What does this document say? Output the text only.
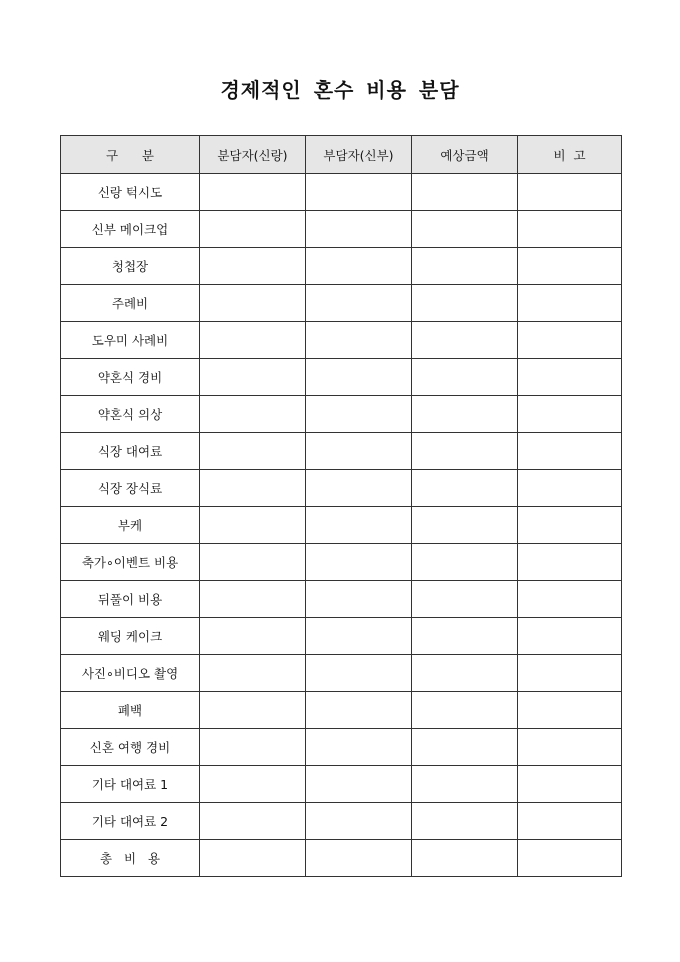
경제적인 혼수 비용 분담
구      분	분담자(신랑)	부담자(신부)	예상금액	비  고
신랑 턱시도				
신부 메이크업				
청첩장				
주례비				
도우미 사례비				
약혼식 경비				
약혼식 의상				
식장 대여료				
식장 장식료				
부케				
축가∘이벤트 비용				
뒤풀이 비용				
웨딩 케이크				
사진∘비디오 촬영				
폐백				
신혼 여행 경비				
기타 대여료 1				
기타 대여료 2				
총   비   용				
